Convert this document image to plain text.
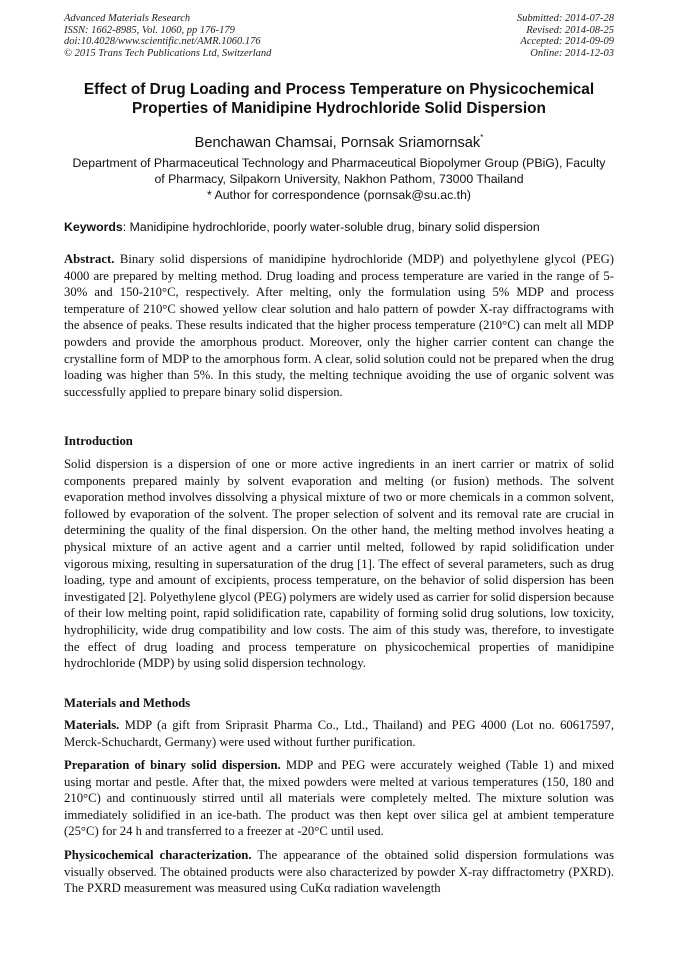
Advanced Materials Research
ISSN: 1662-8985, Vol. 1060, pp 176-179
doi:10.4028/www.scientific.net/AMR.1060.176
© 2015 Trans Tech Publications Ltd, Switzerland
Submitted: 2014-07-28
Revised: 2014-08-25
Accepted: 2014-09-09
Online: 2014-12-03
Effect of Drug Loading and Process Temperature on Physicochemical
Properties of Manidipine Hydrochloride Solid Dispersion
Benchawan Chamsai, Pornsak Sriamornsak*
Department of Pharmaceutical Technology and Pharmaceutical Biopolymer Group (PBiG), Faculty
of Pharmacy, Silpakorn University, Nakhon Pathom, 73000 Thailand
* Author for correspondence (pornsak@su.ac.th)
Keywords: Manidipine hydrochloride, poorly water-soluble drug, binary solid dispersion
Abstract. Binary solid dispersions of manidipine hydrochloride (MDP) and polyethylene glycol (PEG) 4000 are prepared by melting method. Drug loading and process temperature are varied in the range of 5-30% and 150-210°C, respectively. After melting, only the formulation using 5% MDP and process temperature of 210°C showed yellow clear solution and halo pattern of powder X-ray diffractograms with the absence of peaks. These results indicated that the higher process temperature (210°C) can melt all MDP powders and provide the amorphous product. Moreover, only the higher carrier content can change the crystalline form of MDP to the amorphous form. A clear, solid solution could not be prepared when the drug loading was higher than 5%. In this study, the melting technique avoiding the use of organic solvent was successfully applied to prepare binary solid dispersion.
Introduction
Solid dispersion is a dispersion of one or more active ingredients in an inert carrier or matrix of solid components prepared mainly by solvent evaporation and melting (or fusion) methods. The solvent evaporation method involves dissolving a physical mixture of two or more chemicals in a common solvent, followed by evaporation of the solvent. The proper selection of solvent and its removal rate are crucial in determining the quality of the final dispersion. On the other hand, the melting method involves heating a physical mixture of an active agent and a carrier until melted, followed by rapid solidification under vigorous mixing, resulting in supersaturation of the drug [1]. The effect of several parameters, such as drug loading, type and amount of excipients, process temperature, on the behavior of solid dispersion has been investigated [2]. Polyethylene glycol (PEG) polymers are widely used as carrier for solid dispersion because of their low melting point, rapid solidification rate, capability of forming solid drug solutions, low toxicity, hydrophilicity, wide drug compatibility and low costs. The aim of this study was, therefore, to investigate the effect of drug loading and process temperature on physicochemical properties of manidipine hydrochloride (MDP) by using solid dispersion technology.
Materials and Methods
Materials. MDP (a gift from Sriprasit Pharma Co., Ltd., Thailand) and PEG 4000 (Lot no. 60617597, Merck-Schuchardt, Germany) were used without further purification.
Preparation of binary solid dispersion. MDP and PEG were accurately weighed (Table 1) and mixed using mortar and pestle. After that, the mixed powders were melted at various temperatures (150, 180 and 210°C) and continuously stirred until all materials were completely melted. The mixture solution was immediately solidified in an ice-bath. The product was then kept over silica gel at ambient temperature (25°C) for 24 h and transferred to a freezer at -20°C until used.
Physicochemical characterization. The appearance of the obtained solid dispersion formulations was visually observed. The obtained products were also characterized by powder X-ray diffractometry (PXRD). The PXRD measurement was measured using CuKα radiation wavelength
